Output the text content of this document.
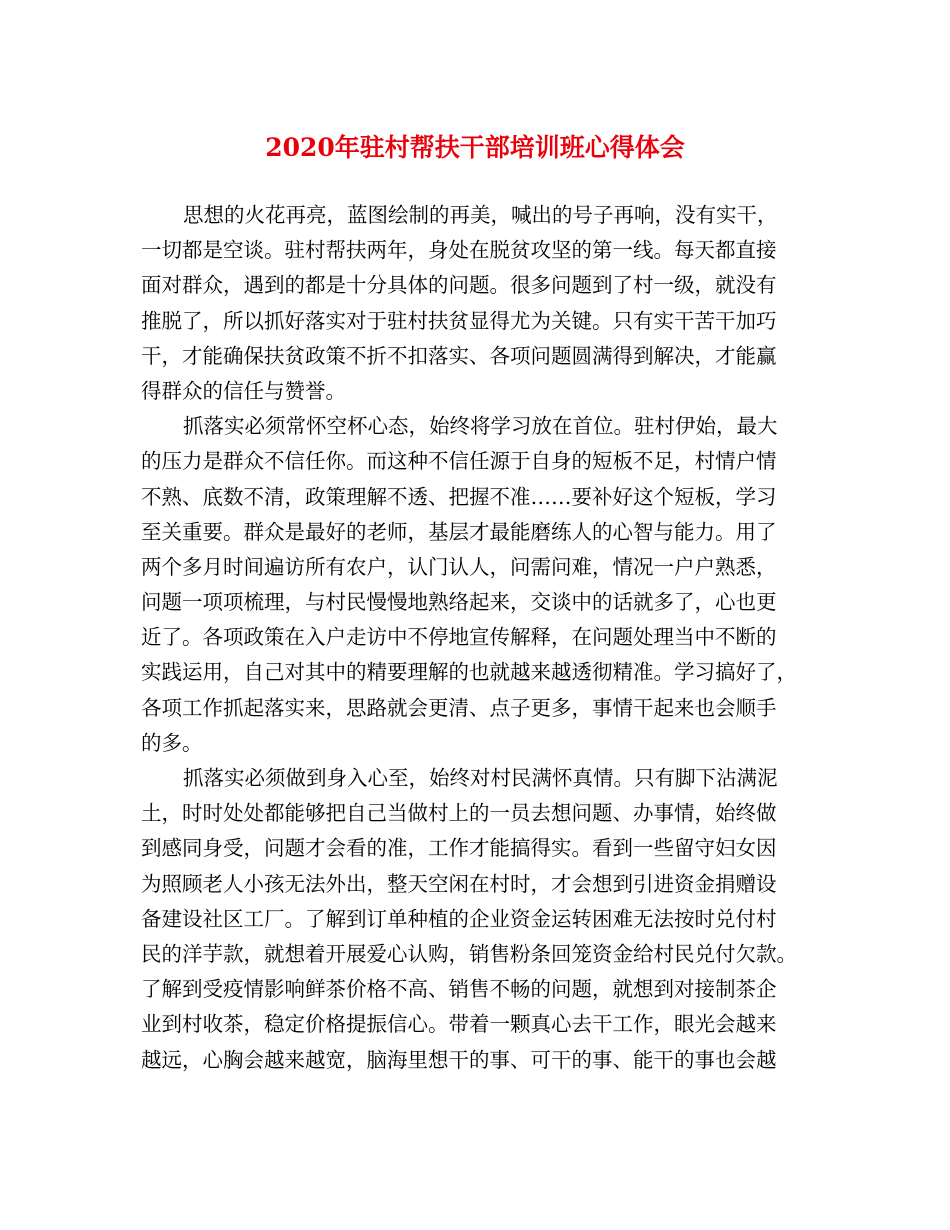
2020年驻村帮扶干部培训班心得体会
思想的火花再亮，蓝图绘制的再美，喊出的号子再响，没有实干，
一切都是空谈。驻村帮扶两年，身处在脱贫攻坚的第一线。每天都直接
面对群众，遇到的都是十分具体的问题。很多问题到了村一级，就没有
推脱了，所以抓好落实对于驻村扶贫显得尤为关键。只有实干苦干加巧
干，才能确保扶贫政策不折不扣落实、各项问题圆满得到解决，才能赢
得群众的信任与赞誉。
抓落实必须常怀空杯心态，始终将学习放在首位。驻村伊始，最大
的压力是群众不信任你。而这种不信任源于自身的短板不足，村情户情
不熟、底数不清，政策理解不透、把握不准……要补好这个短板，学习
至关重要。群众是最好的老师，基层才最能磨练人的心智与能力。用了
两个多月时间遍访所有农户，认门认人，问需问难，情况一户户熟悉，
问题一项项梳理，与村民慢慢地熟络起来，交谈中的话就多了，心也更
近了。各项政策在入户走访中不停地宣传解释，在问题处理当中不断的
实践运用，自己对其中的精要理解的也就越来越透彻精准。学习搞好了，
各项工作抓起落实来，思路就会更清、点子更多，事情干起来也会顺手
的多。
抓落实必须做到身入心至，始终对村民满怀真情。只有脚下沾满泥
土，时时处处都能够把自己当做村上的一员去想问题、办事情，始终做
到感同身受，问题才会看的准，工作才能搞得实。看到一些留守妇女因
为照顾老人小孩无法外出，整天空闲在村时，才会想到引进资金捐赠设
备建设社区工厂。了解到订单种植的企业资金运转困难无法按时兑付村
民的洋芋款，就想着开展爱心认购，销售粉条回笼资金给村民兑付欠款。
了解到受疫情影响鲜茶价格不高、销售不畅的问题，就想到对接制茶企
业到村收茶，稳定价格提振信心。带着一颗真心去干工作，眼光会越来
越远，心胸会越来越宽，脑海里想干的事、可干的事、能干的事也会越
